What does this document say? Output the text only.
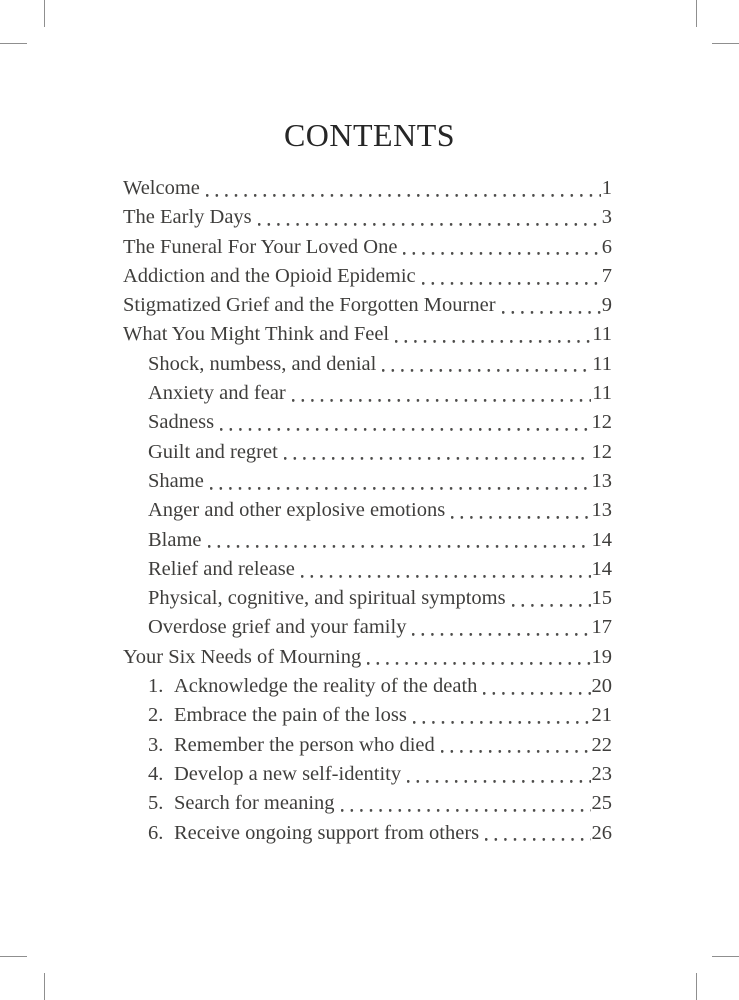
CONTENTS
Welcome	1
The Early Days	3
The Funeral For Your Loved One	6
Addiction and the Opioid Epidemic	7
Stigmatized Grief and the Forgotten Mourner	9
What You Might Think and Feel	11
Shock, numbess, and denial	11
Anxiety and fear	11
Sadness	12
Guilt and regret	12
Shame	13
Anger and other explosive emotions	13
Blame	14
Relief and release	14
Physical, cognitive, and spiritual symptoms	15
Overdose grief and your family	17
Your Six Needs of Mourning	19
1. Acknowledge the reality of the death	20
2. Embrace the pain of the loss	21
3. Remember the person who died	22
4. Develop a new self-identity	23
5. Search for meaning	25
6. Receive ongoing support from others	26
